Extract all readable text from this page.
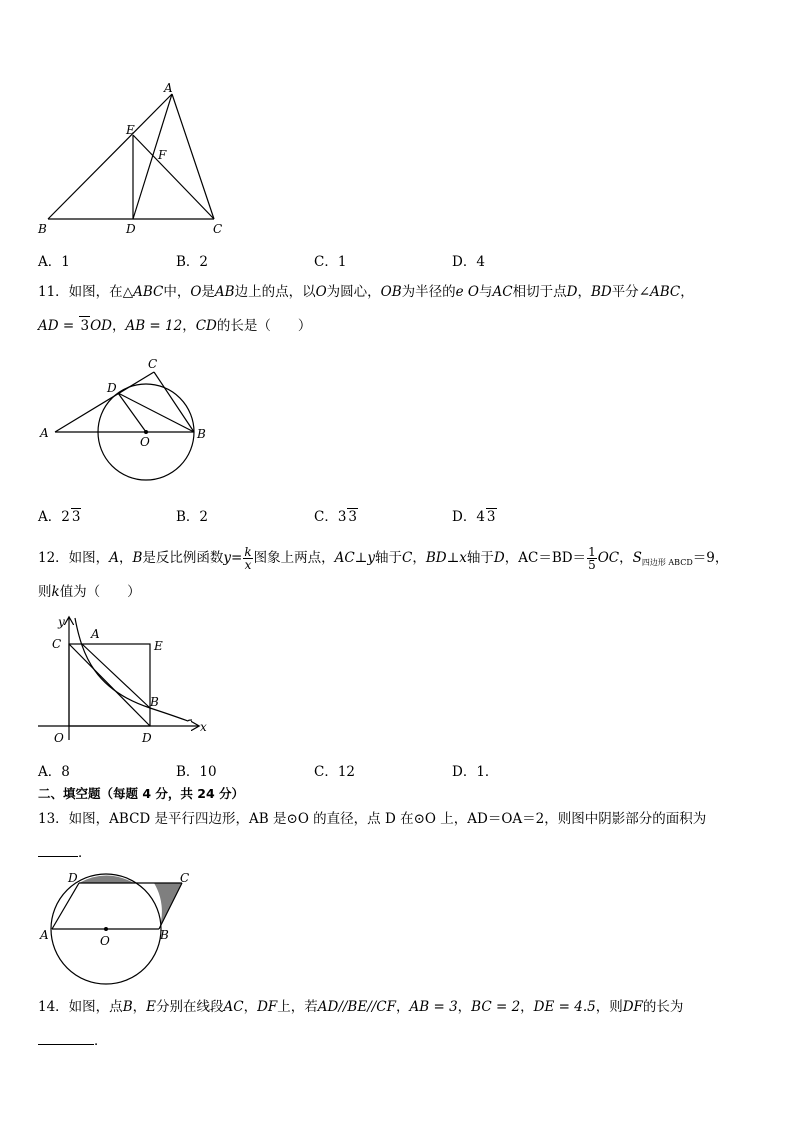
A
E
F
B	D	C
A．1	B．2	C．1	D．4
11．如图，在△ABC中，O是AB边上的点，以O为圆心，OB为半径的e O与AC相切于点D，BD平分∠ABC，
AD = 3OD，AB = 12，CD的长是（　　）
C
D
A
O
B
A．2 3	B．2	C．3 3	D．4 3
12．如图，A，B是反比例函数$y= \frac{k}{x}$ 图象上两点，AC⊥y轴于C，BD⊥x轴于D，$AC=BD= \frac{1}{5}$ OC，$S_{四边形 ABCD}=9$，
则k值为（　　）
y
C
A
E
B
O	D
x
A．8	B．10	C．12	D．1．
二、填空题（每题 4 分，共 24 分）
13．如图，ABCD 是平行四边形，AB 是⊙O 的直径，点 D 在⊙O 上，AD＝OA＝2，则图中阴影部分的面积为
．
D	C
A	O	B
14．如图，点B，E分别在线段AC，DF上，若AD//BE//CF，AB = 3，BC = 2，DE = 4.5，则DF的长为
．
